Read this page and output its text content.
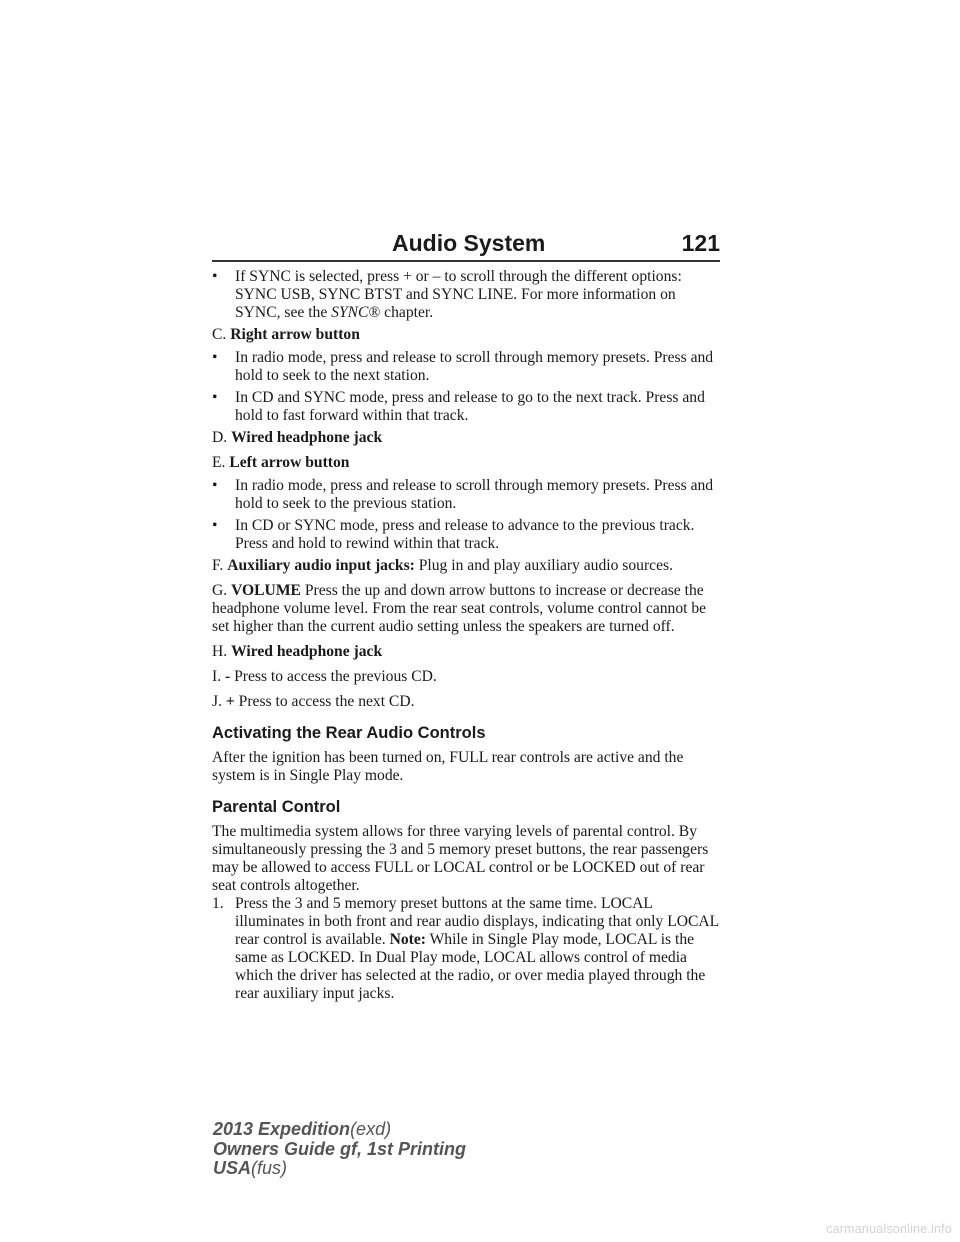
Audio System	121
• If SYNC is selected, press + or – to scroll through the different options: SYNC USB, SYNC BTST and SYNC LINE. For more information on SYNC, see the SYNC® chapter.
C. Right arrow button
• In radio mode, press and release to scroll through memory presets. Press and hold to seek to the next station.
• In CD and SYNC mode, press and release to go to the next track. Press and hold to fast forward within that track.
D. Wired headphone jack
E. Left arrow button
• In radio mode, press and release to scroll through memory presets. Press and hold to seek to the previous station.
• In CD or SYNC mode, press and release to advance to the previous track. Press and hold to rewind within that track.
F. Auxiliary audio input jacks: Plug in and play auxiliary audio sources.
G. VOLUME Press the up and down arrow buttons to increase or decrease the headphone volume level. From the rear seat controls, volume control cannot be set higher than the current audio setting unless the speakers are turned off.
H. Wired headphone jack
I. - Press to access the previous CD.
J. + Press to access the next CD.
Activating the Rear Audio Controls
After the ignition has been turned on, FULL rear controls are active and the system is in Single Play mode.
Parental Control
The multimedia system allows for three varying levels of parental control. By simultaneously pressing the 3 and 5 memory preset buttons, the rear passengers may be allowed to access FULL or LOCAL control or be LOCKED out of rear seat controls altogether.
1. Press the 3 and 5 memory preset buttons at the same time. LOCAL illuminates in both front and rear audio displays, indicating that only LOCAL rear control is available. Note: While in Single Play mode, LOCAL is the same as LOCKED. In Dual Play mode, LOCAL allows control of media which the driver has selected at the radio, or over media played through the rear auxiliary input jacks.
2013 Expedition(exd)
Owners Guide gf, 1st Printing
USA(fus)
carmanualsonline.info
